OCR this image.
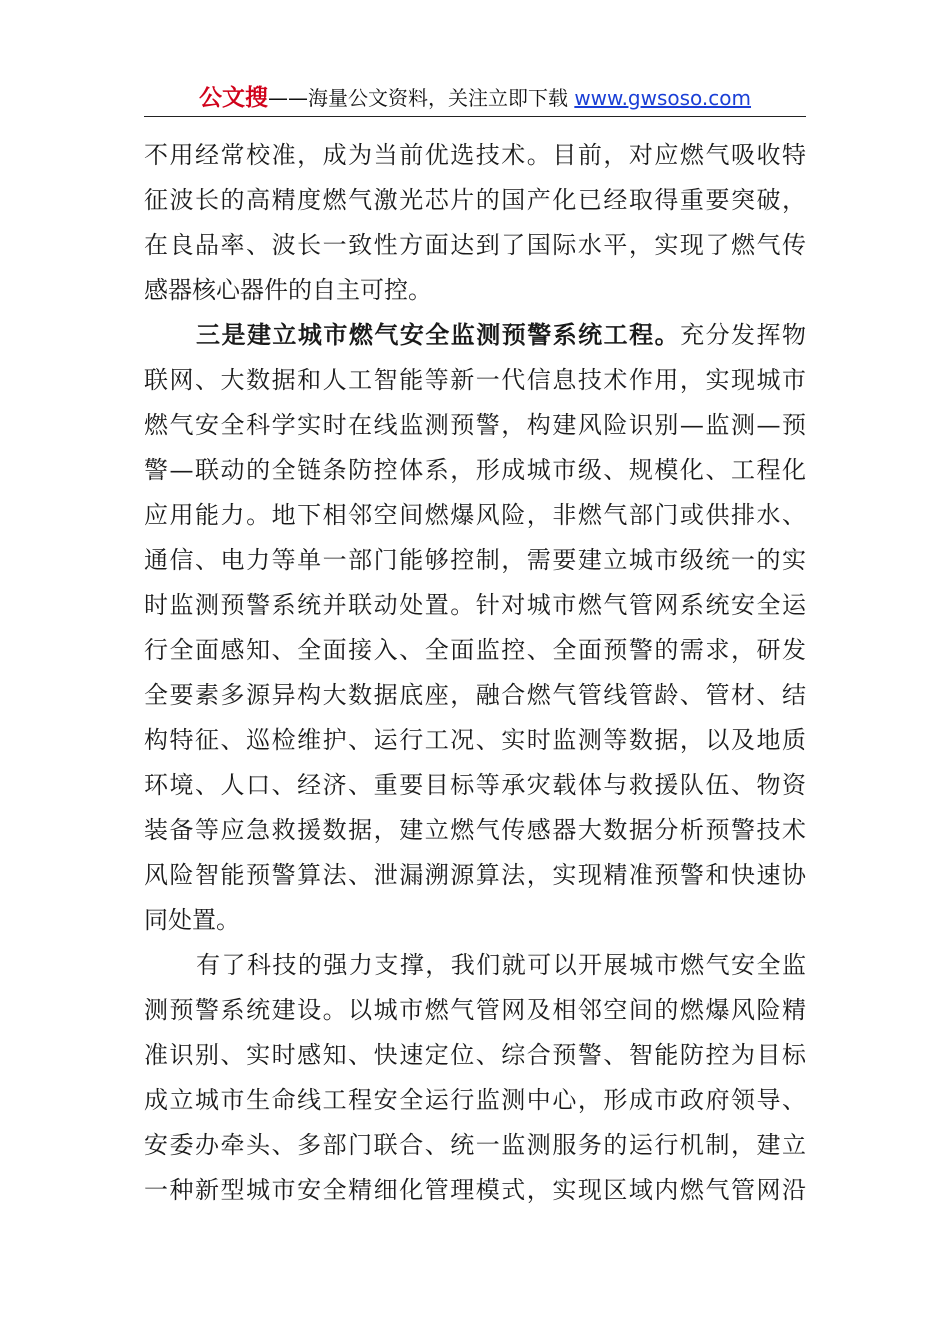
公文搜——海量公文资料，关注立即下载 www.gwsoso.com
不用经常校准，成为当前优选技术。目前，对应燃气吸收特
征波长的高精度燃气激光芯片的国产化已经取得重要突破，
在良品率、波长一致性方面达到了国际水平，实现了燃气传
感器核心器件的自主可控。
三是建立城市燃气安全监测预警系统工程。充分发挥物
联网、大数据和人工智能等新一代信息技术作用，实现城市
燃气安全科学实时在线监测预警，构建风险识别—监测—预
警—联动的全链条防控体系，形成城市级、规模化、工程化
应用能力。地下相邻空间燃爆风险，非燃气部门或供排水、
通信、电力等单一部门能够控制，需要建立城市级统一的实
时监测预警系统并联动处置。针对城市燃气管网系统安全运
行全面感知、全面接入、全面监控、全面预警的需求，研发
全要素多源异构大数据底座，融合燃气管线管龄、管材、结
构特征、巡检维护、运行工况、实时监测等数据，以及地质
环境、人口、经济、重要目标等承灾载体与救援队伍、物资
装备等应急救援数据，建立燃气传感器大数据分析预警技术
风险智能预警算法、泄漏溯源算法，实现精准预警和快速协
同处置。
有了科技的强力支撑，我们就可以开展城市燃气安全监
测预警系统建设。以城市燃气管网及相邻空间的燃爆风险精
准识别、实时感知、快速定位、综合预警、智能防控为目标
成立城市生命线工程安全运行监测中心，形成市政府领导、
安委办牵头、多部门联合、统一监测服务的运行机制，建立
一种新型城市安全精细化管理模式，实现区域内燃气管网沿
